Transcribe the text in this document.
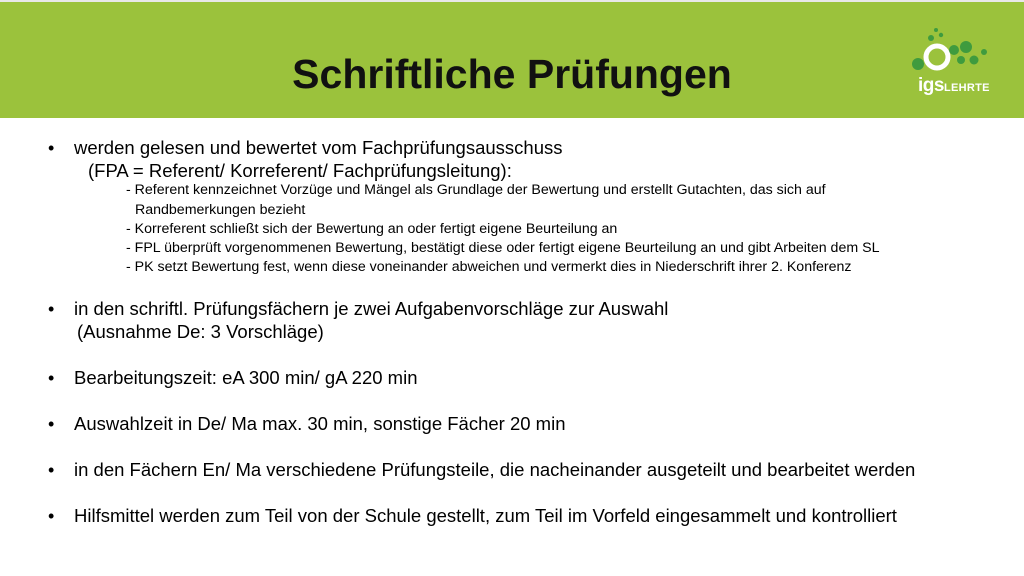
Schriftliche Prüfungen	igsLEHRTE
• werden gelesen und bewertet vom Fachprüfungsausschuss
(FPA = Referent/ Korreferent/ Fachprüfungsleitung):
- Referent kennzeichnet Vorzüge und Mängel als Grundlage der Bewertung und erstellt Gutachten, das sich auf
Randbemerkungen bezieht
- Korreferent schließt sich der Bewertung an oder fertigt eigene Beurteilung an
- FPL überprüft vorgenommenen Bewertung, bestätigt diese oder fertigt eigene Beurteilung an und gibt Arbeiten dem SL
- PK setzt Bewertung fest, wenn diese voneinander abweichen und vermerkt dies in Niederschrift ihrer 2. Konferenz
• in den schriftl. Prüfungsfächern je zwei Aufgabenvorschläge zur Auswahl
(Ausnahme De: 3 Vorschläge)
• Bearbeitungszeit: eA 300 min/ gA 220 min
• Auswahlzeit in De/ Ma max. 30 min, sonstige Fächer 20 min
• in den Fächern En/ Ma verschiedene Prüfungsteile, die nacheinander ausgeteilt und bearbeitet werden
• Hilfsmittel werden zum Teil von der Schule gestellt, zum Teil im Vorfeld eingesammelt und kontrolliert
